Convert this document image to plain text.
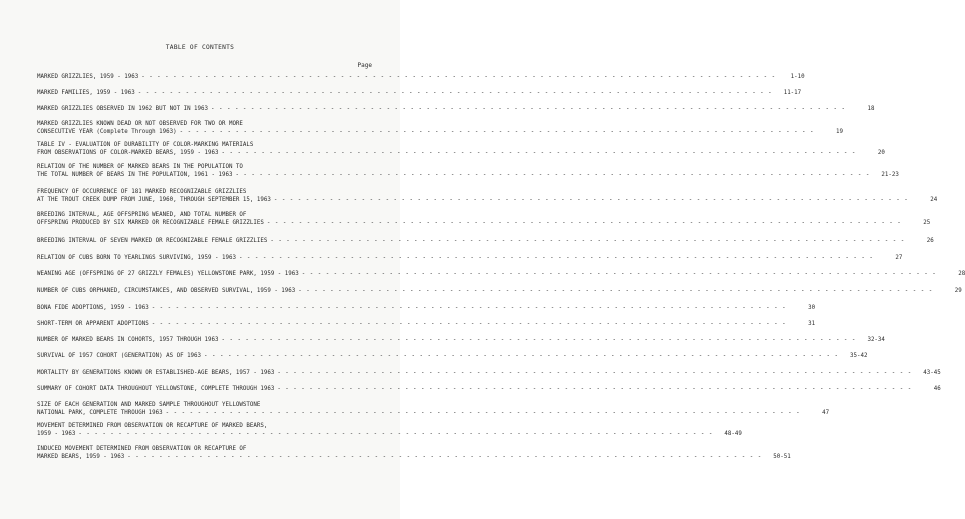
TABLE OF CONTENTS
Page
MARKED GRIZZLIES, 1959 - 1963 - - - - - - - - - - - - - - - - - - - - - - - - - - - - - - - - - - - - - - - - - - - - - - - - - - - - - - - - - - - - - - - - - - - - - - - - - - - - - - - -	1-10
MARKED FAMILIES, 1959 - 1963 - - - - - - - - - - - - - - - - - - - - - - - - - - - - - - - - - - - - - - - - - - - - - - - - - - - - - - - - - - - - - - - - - - - - - - - - - - - - - - - -	11-17
MARKED GRIZZLIES OBSERVED IN 1962 BUT NOT IN 1963 - - - - - - - - - - - - - - - - - - - - - - - - - - - - - - - - - - - - - - - - - - - - - - - - - - - - - - - - - - - - - - - - - - - - - - - - - - - - - - - -	18
MARKED GRIZZLIES KNOWN DEAD OR NOT OBSERVED FOR TWO OR MORE
CONSECUTIVE YEAR (Complete Through 1963) - - - - - - - - - - - - - - - - - - - - - - - - - - - - - - - - - - - - - - - - - - - - - - - - - - - - - - - - - - - - - - - - - - - - - - - - - - - - - - - -	19
TABLE IV - EVALUATION OF DURABILITY OF COLOR-MARKING MATERIALS
FROM OBSERVATIONS OF COLOR-MARKED BEARS, 1959 - 1963 - - - - - - - - - - - - - - - - - - - - - - - - - - - - - - - - - - - - - - - - - - - - - - - - - - - - - - - - - - - - - - - - - - - - - - - - - - - - - - - -	20
RELATION OF THE NUMBER OF MARKED BEARS IN THE POPULATION TO
THE TOTAL NUMBER OF BEARS IN THE POPULATION, 1961 - 1963 - - - - - - - - - - - - - - - - - - - - - - - - - - - - - - - - - - - - - - - - - - - - - - - - - - - - - - - - - - - - - - - - - - - - - - - - - - - - - - - -	21-23
FREQUENCY OF OCCURRENCE OF 181 MARKED RECOGNIZABLE GRIZZLIES
AT THE TROUT CREEK DUMP FROM JUNE, 1960, THROUGH SEPTEMBER 15, 1963 - - - - - - - - - - - - - - - - - - - - - - - - - - - - - - - - - - - - - - - - - - - - - - - - - - - - - - - - - - - - - - - - - - - - - - - - - - - - - - - -	24
BREEDING INTERVAL, AGE OFFSPRING WEANED, AND TOTAL NUMBER OF
OFFSPRING PRODUCED BY SIX MARKED OR RECOGNIZABLE FEMALE GRIZZLIES - - - - - - - - - - - - - - - - - - - - - - - - - - - - - - - - - - - - - - - - - - - - - - - - - - - - - - - - - - - - - - - - - - - - - - - - - - - - - - - -	25
BREEDING INTERVAL OF SEVEN MARKED OR RECOGNIZABLE FEMALE GRIZZLIES - - - - - - - - - - - - - - - - - - - - - - - - - - - - - - - - - - - - - - - - - - - - - - - - - - - - - - - - - - - - - - - - - - - - - - - - - - - - - - - -	26
RELATION OF CUBS BORN TO YEARLINGS SURVIVING, 1959 - 1963 - - - - - - - - - - - - - - - - - - - - - - - - - - - - - - - - - - - - - - - - - - - - - - - - - - - - - - - - - - - - - - - - - - - - - - - - - - - - - - - -	27
WEANING AGE (OFFSPRING OF 27 GRIZZLY FEMALES) YELLOWSTONE PARK, 1959 - 1963 - - - - - - - - - - - - - - - - - - - - - - - - - - - - - - - - - - - - - - - - - - - - - - - - - - - - - - - - - - - - - - - - - - - - - - - - - - - - - - - -	28
NUMBER OF CUBS ORPHANED, CIRCUMSTANCES, AND OBSERVED SURVIVAL, 1959 - 1963 - - - - - - - - - - - - - - - - - - - - - - - - - - - - - - - - - - - - - - - - - - - - - - - - - - - - - - - - - - - - - - - - - - - - - - - - - - - - - - - -	29
BONA FIDE ADOPTIONS, 1959 - 1963 - - - - - - - - - - - - - - - - - - - - - - - - - - - - - - - - - - - - - - - - - - - - - - - - - - - - - - - - - - - - - - - - - - - - - - - - - - - - - - - -	30
SHORT-TERM OR APPARENT ADOPTIONS - - - - - - - - - - - - - - - - - - - - - - - - - - - - - - - - - - - - - - - - - - - - - - - - - - - - - - - - - - - - - - - - - - - - - - - - - - - - - - - -	31
NUMBER OF MARKED BEARS IN COHORTS, 1957 THROUGH 1963 - - - - - - - - - - - - - - - - - - - - - - - - - - - - - - - - - - - - - - - - - - - - - - - - - - - - - - - - - - - - - - - - - - - - - - - - - - - - - - - -	32-34
SURVIVAL OF 1957 COHORT (GENERATION) AS OF 1963 - - - - - - - - - - - - - - - - - - - - - - - - - - - - - - - - - - - - - - - - - - - - - - - - - - - - - - - - - - - - - - - - - - - - - - - - - - - - - - - -	35-42
MORTALITY BY GENERATIONS KNOWN OR ESTABLISHED-AGE BEARS, 1957 - 1963 - - - - - - - - - - - - - - - - - - - - - - - - - - - - - - - - - - - - - - - - - - - - - - - - - - - - - - - - - - - - - - - - - - - - - - - - - - - - - - - -	43-45
SUMMARY OF COHORT DATA THROUGHOUT YELLOWSTONE, COMPLETE THROUGH 1963 - - - - - - - - - - - - - - - - - - - - - - - - - - - - - - - - - - - - - - - - - - - - - - - - - - - - - - - - - - - - - - - - - - - - - - - - - - - - - - - -	46
SIZE OF EACH GENERATION AND MARKED SAMPLE THROUGHOUT YELLOWSTONE
NATIONAL PARK, COMPLETE THROUGH 1963 - - - - - - - - - - - - - - - - - - - - - - - - - - - - - - - - - - - - - - - - - - - - - - - - - - - - - - - - - - - - - - - - - - - - - - - - - - - - - - - -	47
MOVEMENT DETERMINED FROM OBSERVATION OR RECAPTURE OF MARKED BEARS,
1959 - 1963 - - - - - - - - - - - - - - - - - - - - - - - - - - - - - - - - - - - - - - - - - - - - - - - - - - - - - - - - - - - - - - - - - - - - - - - - - - - - - - - -	48-49
INDUCED MOVEMENT DETERMINED FROM OBSERVATION OR RECAPTURE OF
MARKED BEARS, 1959 - 1963 - - - - - - - - - - - - - - - - - - - - - - - - - - - - - - - - - - - - - - - - - - - - - - - - - - - - - - - - - - - - - - - - - - - - - - - - - - - - - - - -	50-51
